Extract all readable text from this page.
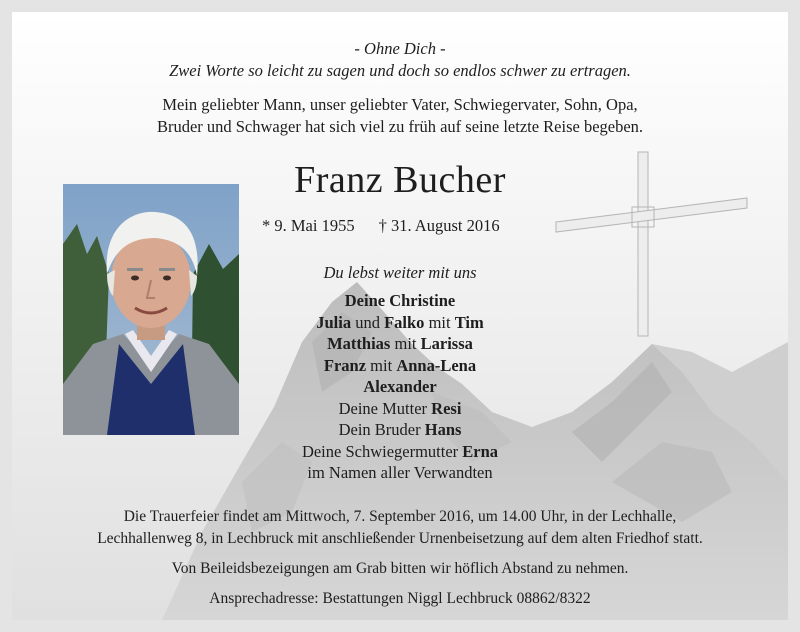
- Ohne Dich -
Zwei Worte so leicht zu sagen und doch so endlos schwer zu ertragen.
Mein geliebter Mann, unser geliebter Vater, Schwiegervater, Sohn, Opa,
Bruder und Schwager hat sich viel zu früh auf seine letzte Reise begeben.
Franz Bucher
* 9. Mai 1955 † 31. August 2016
Du lebst weiter mit uns
Deine Christine
Julia und Falko mit Tim
Matthias mit Larissa
Franz mit Anna-Lena
Alexander
Deine Mutter Resi
Dein Bruder Hans
Deine Schwiegermutter Erna
im Namen aller Verwandten
Die Trauerfeier findet am Mittwoch, 7. September 2016, um 14.00 Uhr, in der Lechhalle,
Lechhallenweg 8, in Lechbruck mit anschließender Urnenbeisetzung auf dem alten Friedhof statt.
Von Beileidsbezeigungen am Grab bitten wir höflich Abstand zu nehmen.
Ansprechadresse: Bestattungen Niggl Lechbruck 08862/8322
